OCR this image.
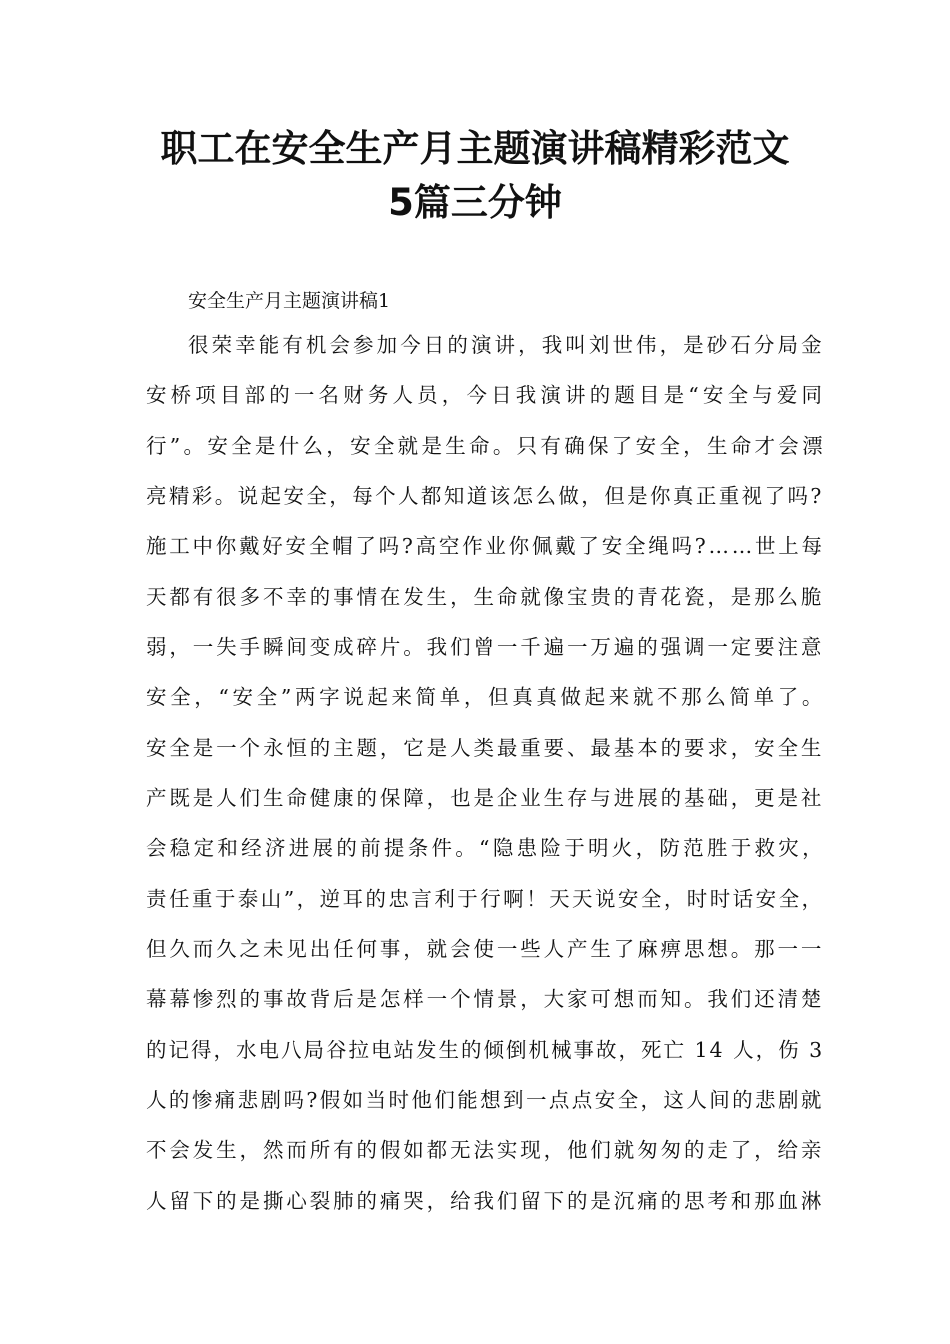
职工在安全生产月主题演讲稿精彩范文
5篇三分钟
安全生产月主题演讲稿1
很荣幸能有机会参加今日的演讲，我叫刘世伟，是砂石分局金
安桥项目部的一名财务人员，今日我演讲的题目是“安全与爱同
行”。安全是什么，安全就是生命。只有确保了安全，生命才会漂
亮精彩。说起安全，每个人都知道该怎么做，但是你真正重视了吗?
施工中你戴好安全帽了吗?高空作业你佩戴了安全绳吗?……世上每
天都有很多不幸的事情在发生，生命就像宝贵的青花瓷，是那么脆
弱，一失手瞬间变成碎片。我们曾一千遍一万遍的强调一定要注意
安全，“安全”两字说起来简单，但真真做起来就不那么简单了。
安全是一个永恒的主题，它是人类最重要、最基本的要求，安全生
产既是人们生命健康的保障，也是企业生存与进展的基础，更是社
会稳定和经济进展的前提条件。“隐患险于明火，防范胜于救灾，
责任重于泰山”，逆耳的忠言利于行啊！天天说安全，时时话安全，
但久而久之未见出任何事，就会使一些人产生了麻痹思想。那一一
幕幕惨烈的事故背后是怎样一个情景，大家可想而知。我们还清楚
的记得，水电八局谷拉电站发生的倾倒机械事故，死亡 14 人，伤 3
人的惨痛悲剧吗?假如当时他们能想到一点点安全，这人间的悲剧就
不会发生，然而所有的假如都无法实现，他们就匆匆的走了，给亲
人留下的是撕心裂肺的痛哭，给我们留下的是沉痛的思考和那血淋
